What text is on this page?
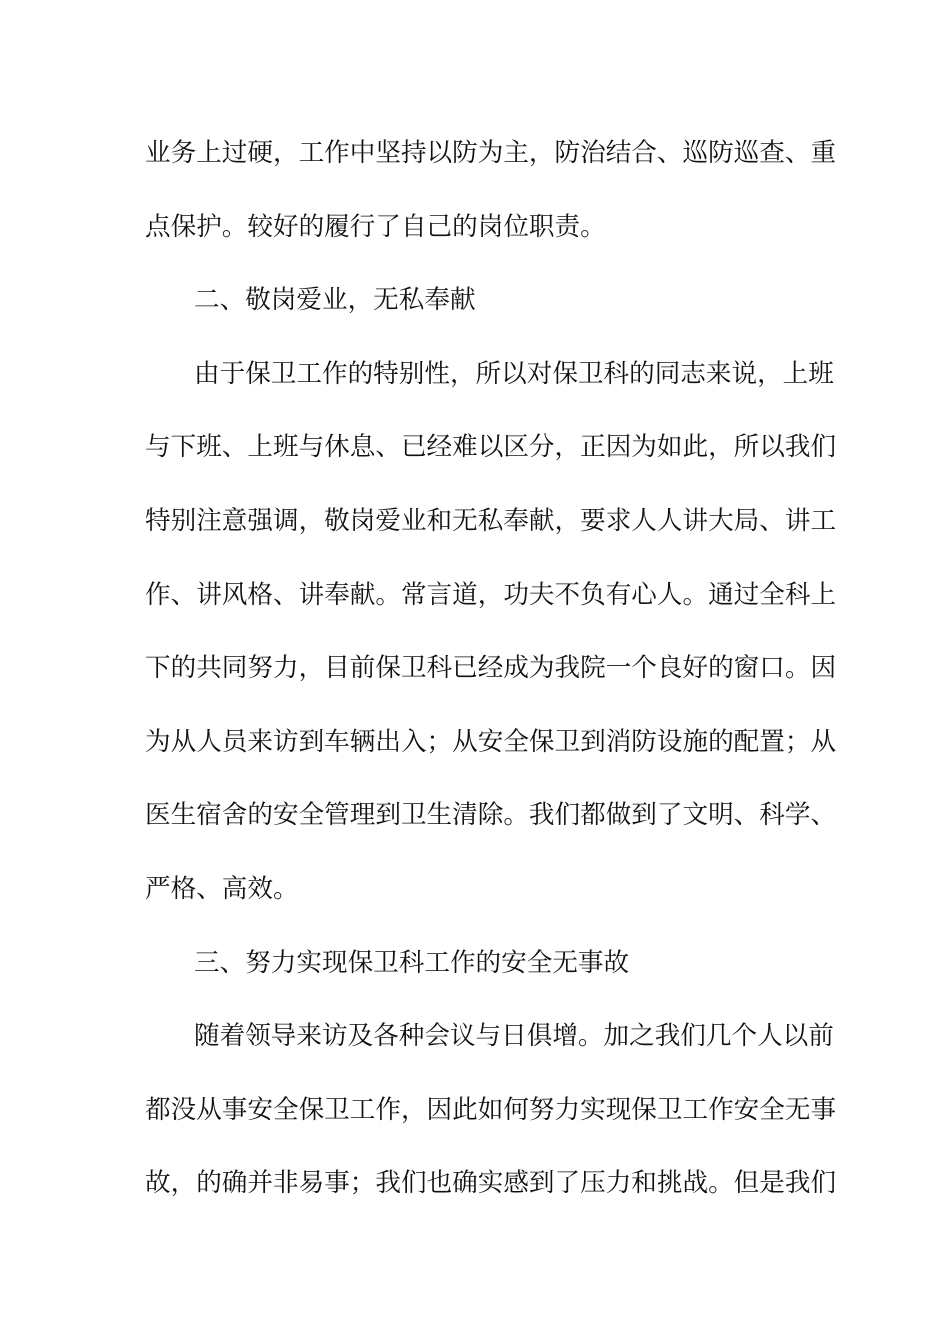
业务上过硬，工作中坚持以防为主，防治结合、巡防巡查、重
点保护。较好的履行了自己的岗位职责。
二、敬岗爱业，无私奉献
由于保卫工作的特别性，所以对保卫科的同志来说，上班
与下班、上班与休息、已经难以区分，正因为如此，所以我们
特别注意强调，敬岗爱业和无私奉献，要求人人讲大局、讲工
作、讲风格、讲奉献。常言道，功夫不负有心人。通过全科上
下的共同努力，目前保卫科已经成为我院一个良好的窗口。因
为从人员来访到车辆出入；从安全保卫到消防设施的配置；从
医生宿舍的安全管理到卫生清除。我们都做到了文明、科学、
严格、高效。
三、努力实现保卫科工作的安全无事故
随着领导来访及各种会议与日俱增。加之我们几个人以前
都没从事安全保卫工作，因此如何努力实现保卫工作安全无事
故，的确并非易事；我们也确实感到了压力和挑战。但是我们
